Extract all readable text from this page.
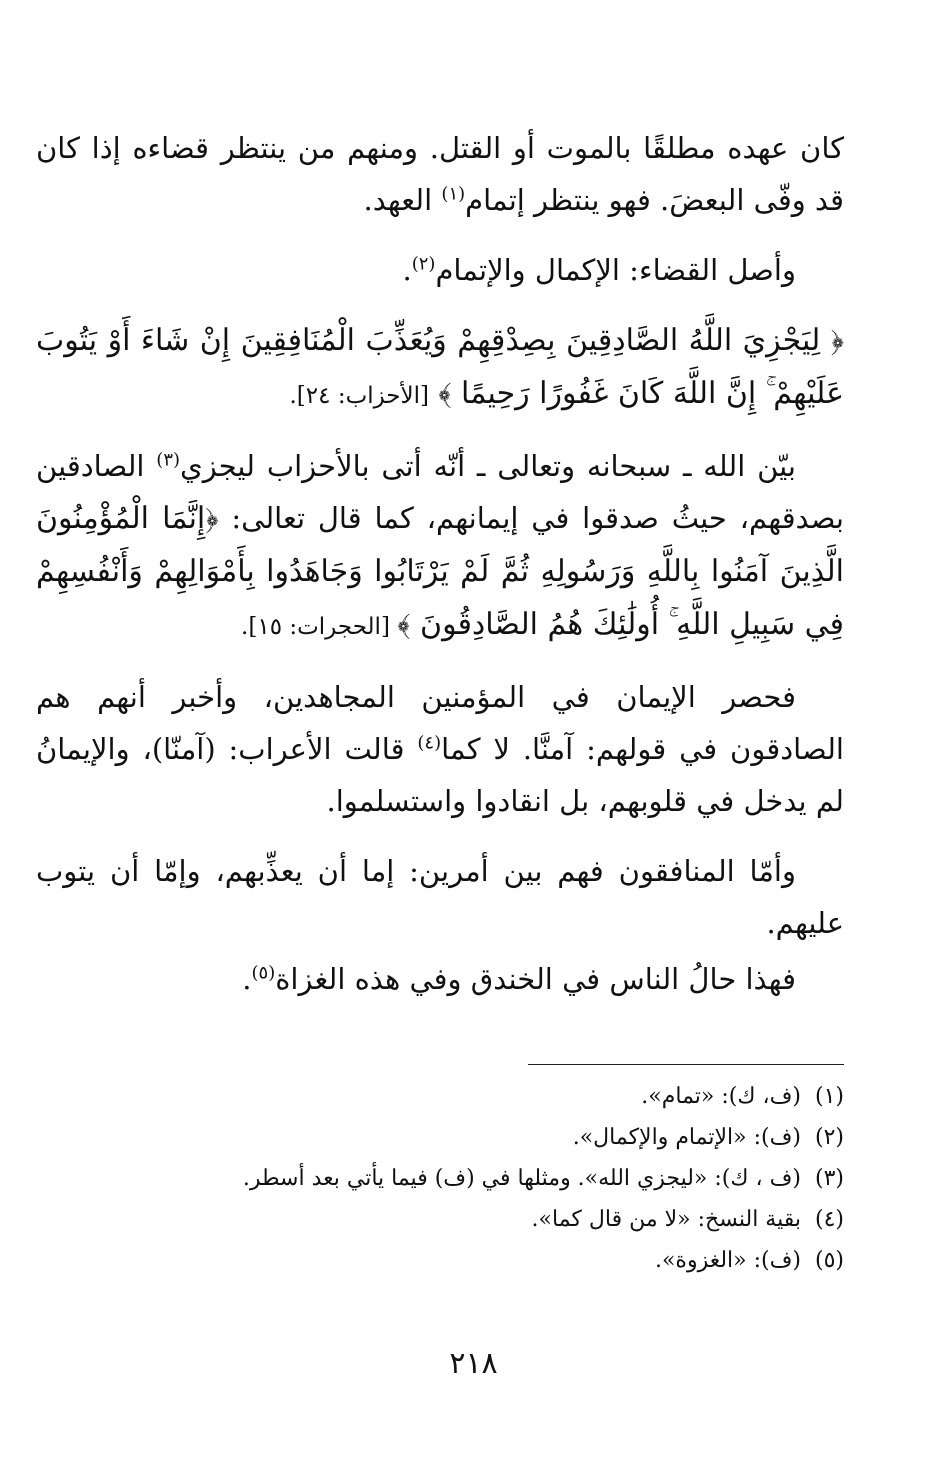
كان عهده مطلقًا بالموت أو القتل. ومنهم من ينتظر قضاءه إذا كان قد وفّى البعضَ. فهو ينتظر إتمام$^{(١)}$ العهد.

وأصل القضاء: الإكمال والإتمام$^{(٢)}$.

﴿ لِيَجْزِيَ اللَّهُ الصَّادِقِينَ بِصِدْقِهِمْ وَيُعَذِّبَ الْمُنَافِقِينَ إِنْ شَاءَ أَوْ يَتُوبَ عَلَيْهِمْ ۚ إِنَّ اللَّهَ كَانَ غَفُورًا رَحِيمًا ﴾ [الأحزاب: ٢٤].

بيّن الله ـ سبحانه وتعالى ـ أنّه أتى بالأحزاب ليجزي$^{(٣)}$ الصادقين بصدقهم، حيثُ صدقوا في إيمانهم، كما قال تعالى: ﴿إِنَّمَا الْمُؤْمِنُونَ الَّذِينَ آمَنُوا بِاللَّهِ وَرَسُولِهِ ثُمَّ لَمْ يَرْتَابُوا وَجَاهَدُوا بِأَمْوَالِهِمْ وَأَنْفُسِهِمْ فِي سَبِيلِ اللَّهِ ۚ أُولَٰئِكَ هُمُ الصَّادِقُونَ ﴾ [الحجرات: ١٥].

فحصر الإيمان في المؤمنين المجاهدين، وأخبر أنهم هم الصادقون في قولهم: آمنَّا. لا كما$^{(٤)}$ قالت الأعراب: (آمنّا)، والإيمانُ لم يدخل في قلوبهم، بل انقادوا واستسلموا.

وأمّا المنافقون فهم بين أمرين: إما أن يعذِّبهم، وإمّا أن يتوب عليهم.

فهذا حالُ الناس في الخندق وفي هذه الغزاة$^{(٥)}$.

(١)(ف، ك): «تمام».

(٢)(ف): «الإتمام والإكمال».

(٣)(ف ، ك): «ليجزي الله». ومثلها في (ف) فيما يأتي بعد أسطر.

(٤)بقية النسخ: «لا من قال كما».

(٥)(ف): «الغزوة».

٢١٨
